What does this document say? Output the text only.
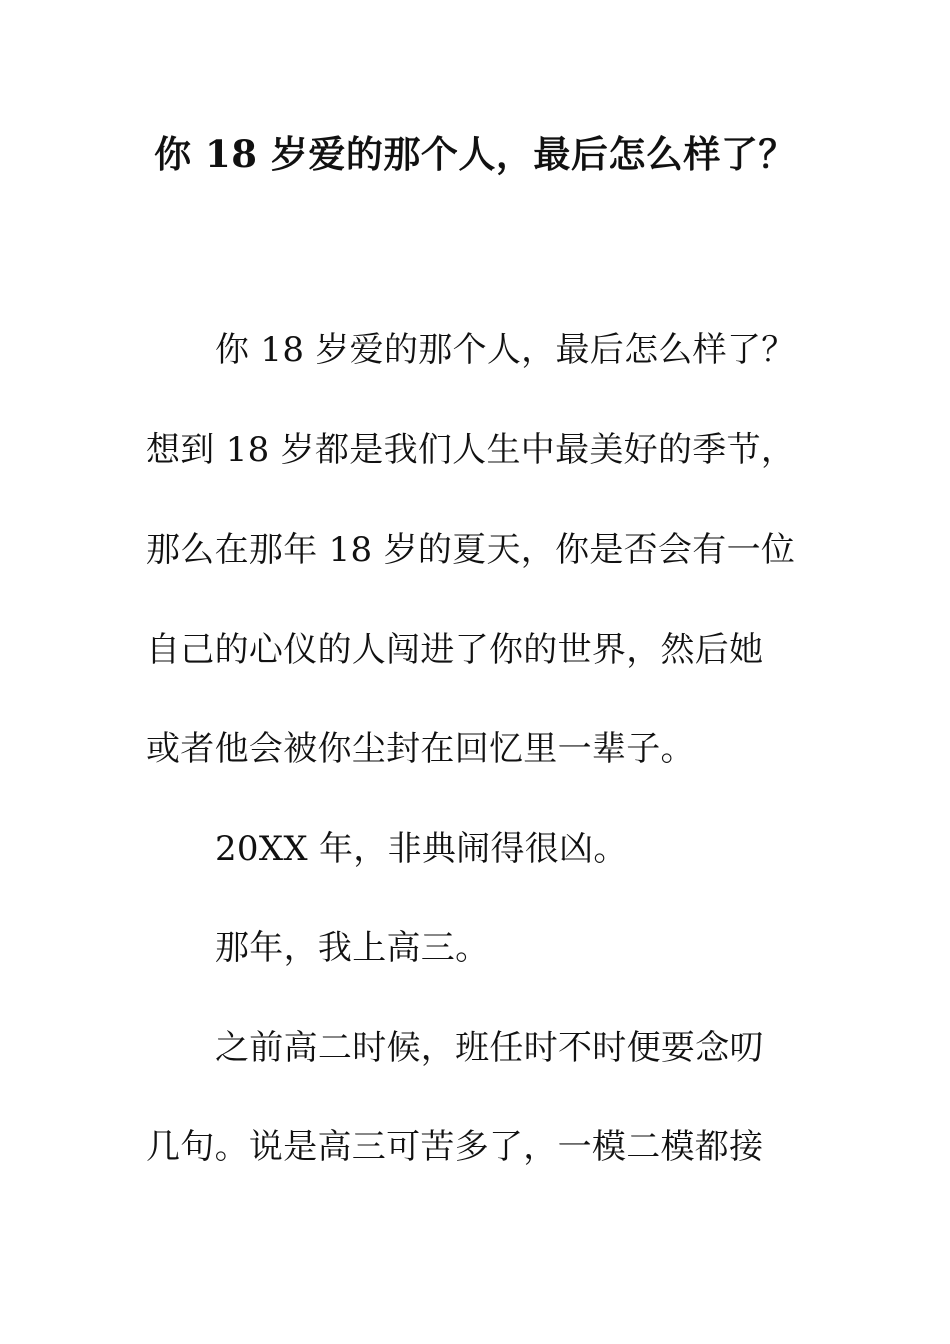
你 18 岁爱的那个人，最后怎么样了？
你 18 岁爱的那个人，最后怎么样了？
想到 18 岁都是我们人生中最美好的季节，
那么在那年 18 岁的夏天，你是否会有一位
自己的心仪的人闯进了你的世界，然后她
或者他会被你尘封在回忆里一辈子。
20XX 年，非典闹得很凶。
那年，我上高三。
之前高二时候，班任时不时便要念叨
几句。说是高三可苦多了，一模二模都接
